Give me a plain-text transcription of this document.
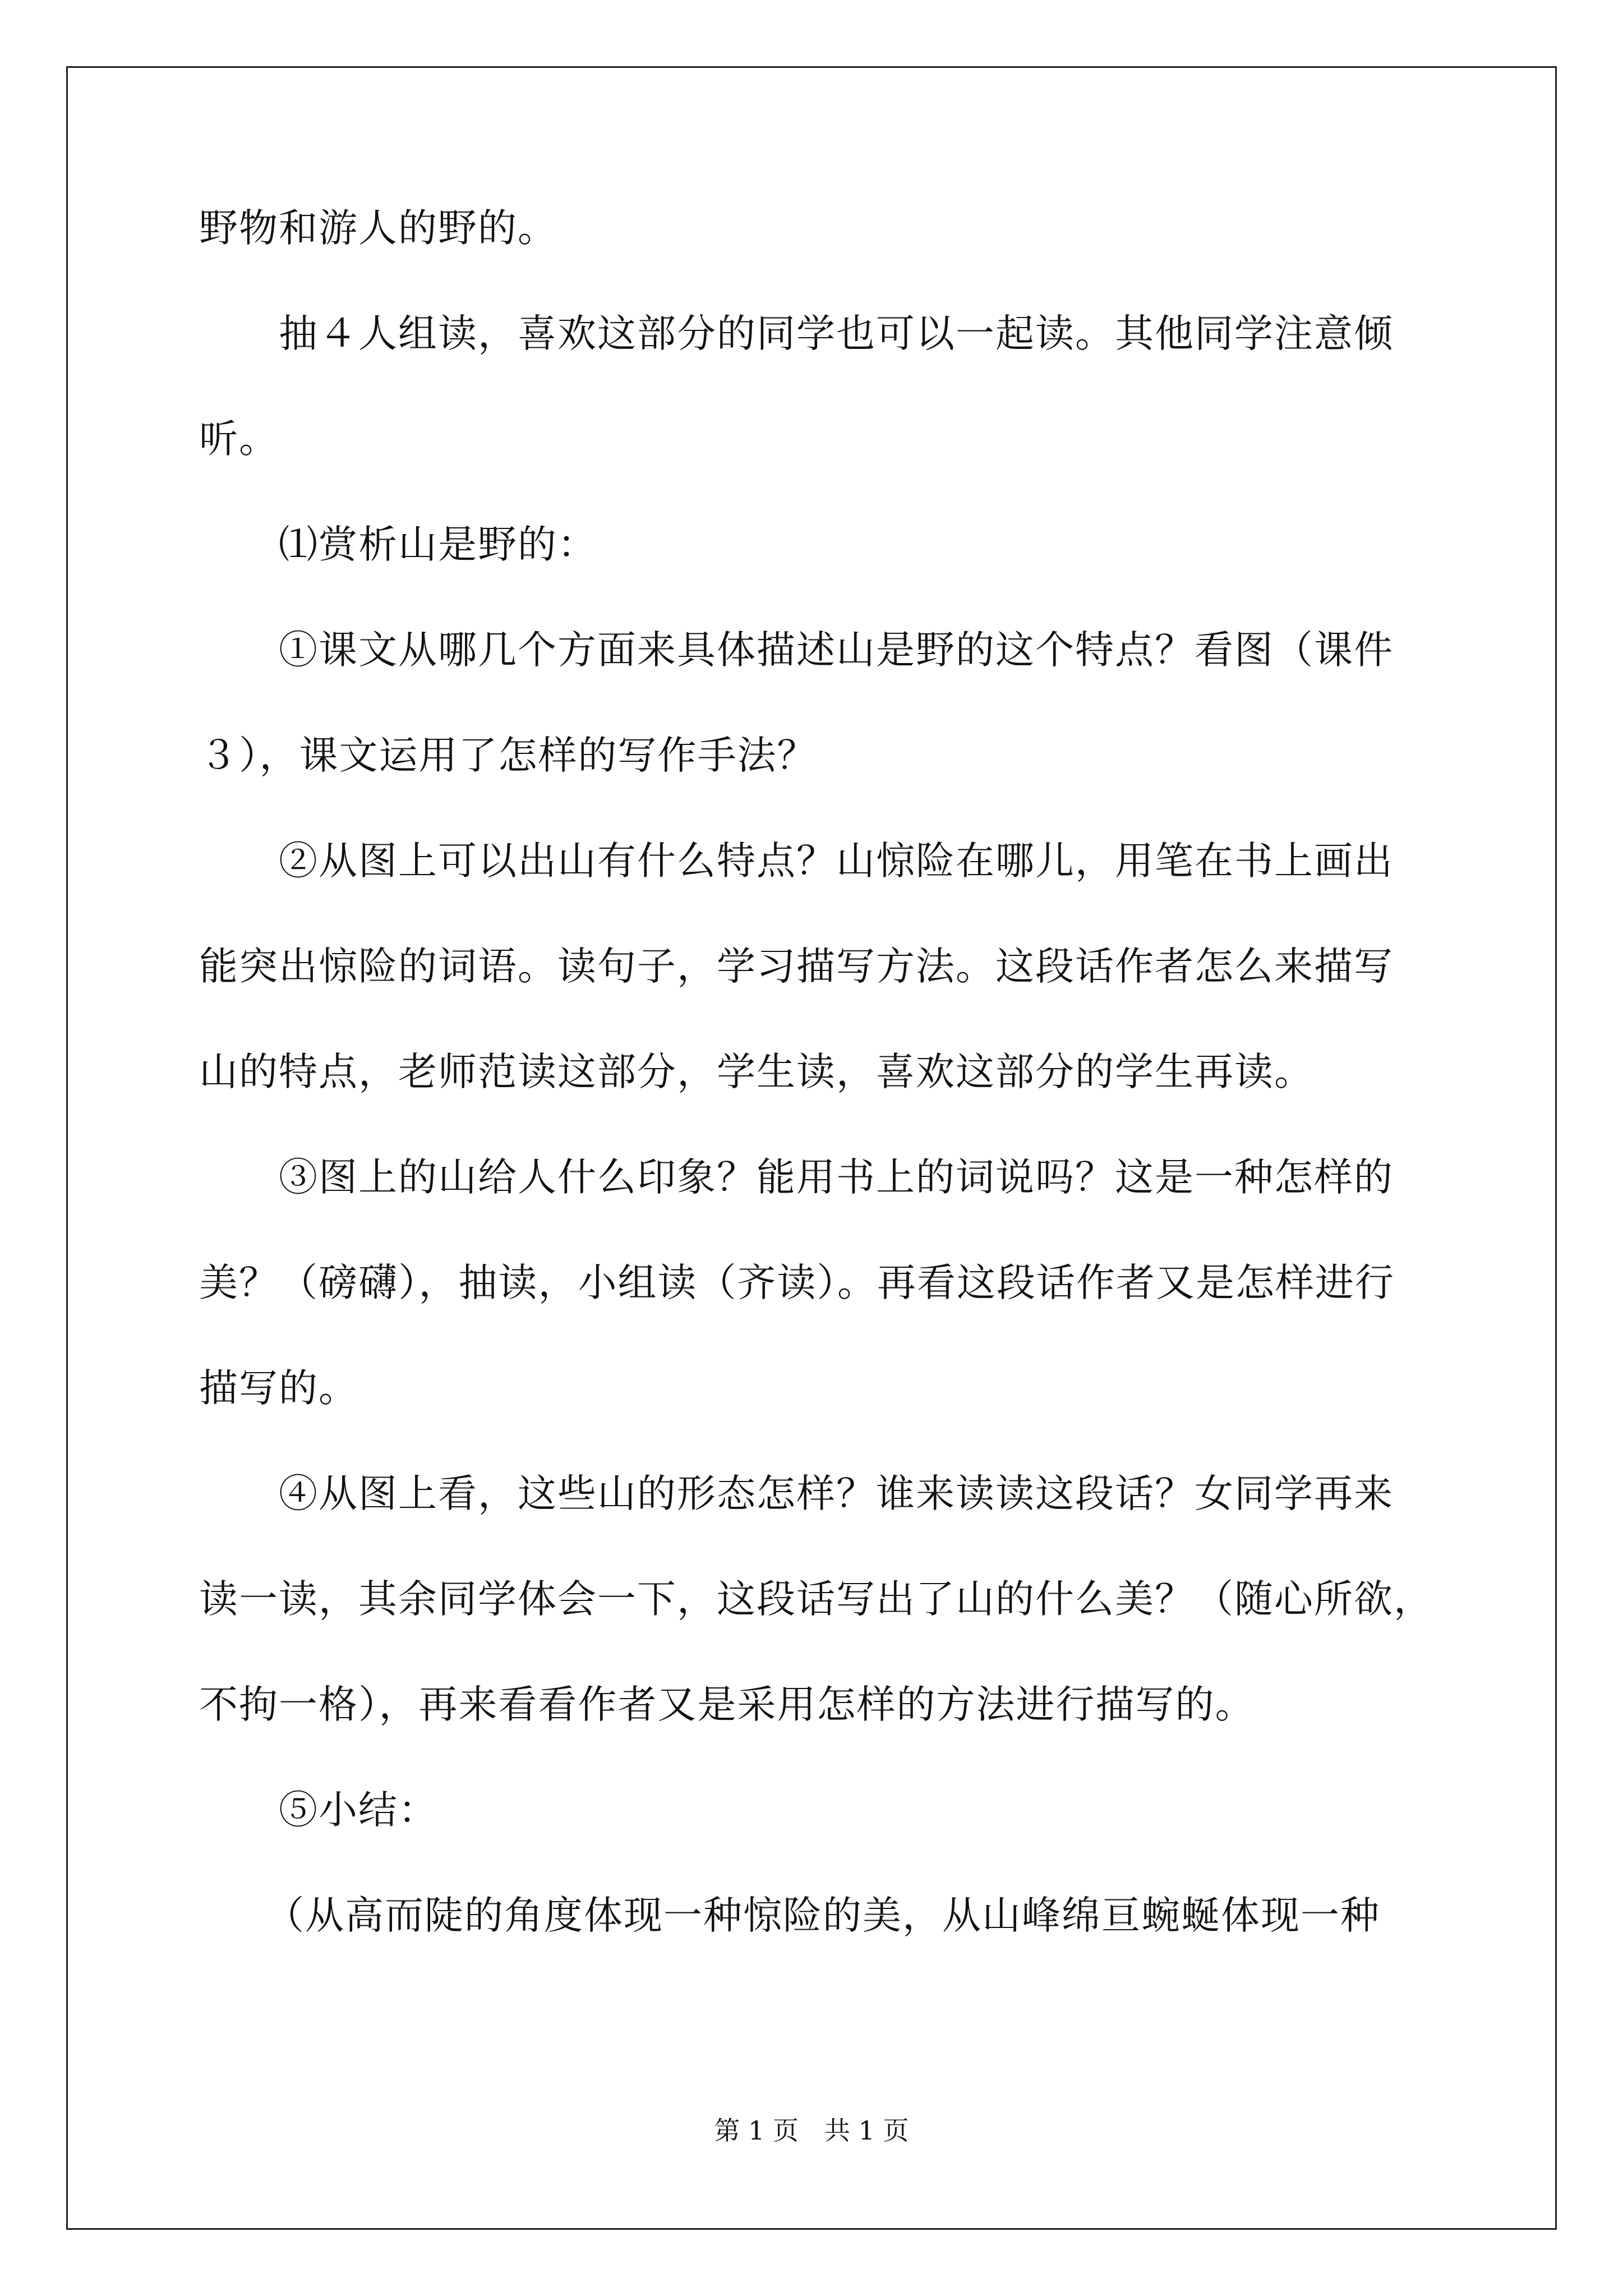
野物和游人的野的。
抽４人组读，喜欢这部分的同学也可以一起读。其他同学注意倾
听。
⑴赏析山是野的：
①课文从哪几个方面来具体描述山是野的这个特点？看图（课件
３），课文运用了怎样的写作手法？
②从图上可以出山有什么特点？山惊险在哪儿，用笔在书上画出
能突出惊险的词语。读句子，学习描写方法。这段话作者怎么来描写
山的特点，老师范读这部分，学生读，喜欢这部分的学生再读。
③图上的山给人什么印象？能用书上的词说吗？这是一种怎样的
美？（磅礴），抽读，小组读（齐读）。再看这段话作者又是怎样进行
描写的。
④从图上看，这些山的形态怎样？谁来读读这段话？女同学再来
读一读，其余同学体会一下，这段话写出了山的什么美？（随心所欲，
不拘一格），再来看看作者又是采用怎样的方法进行描写的。
⑤小结：
（从高而陡的角度体现一种惊险的美，从山峰绵亘蜿蜒体现一种
第 1 页　共 1 页
